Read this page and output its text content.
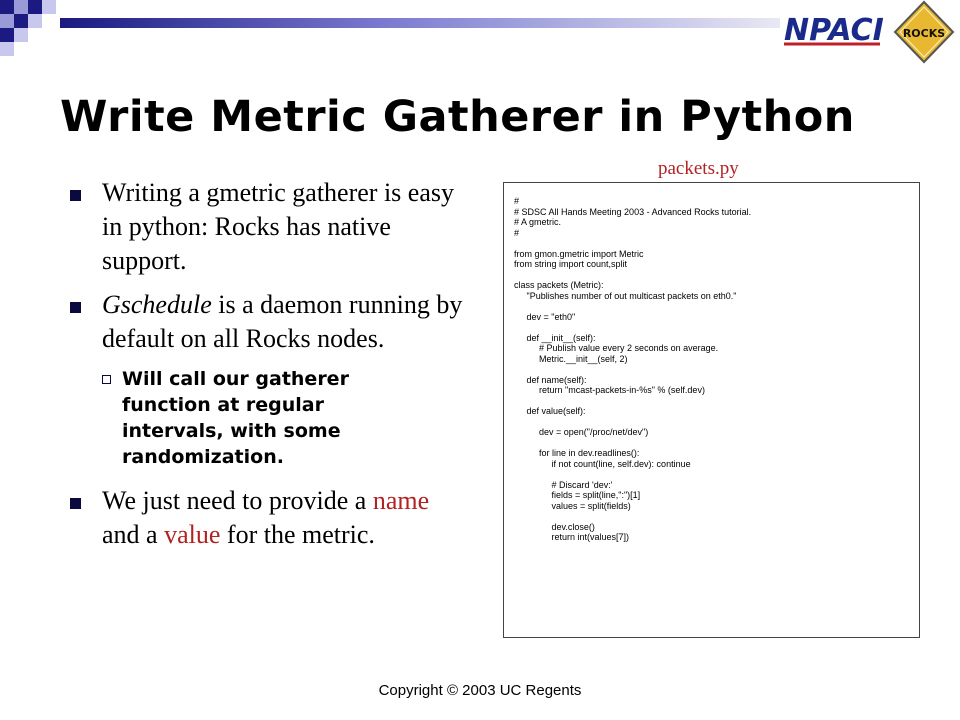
NPACI ROCKS
Write Metric Gatherer in Python
packets.py
Writing a gmetric gatherer is easy in python: Rocks has native support.
Gschedule is a daemon running by default on all Rocks nodes.
Will call our gatherer function at regular intervals, with some randomization.
We just need to provide a name and a value for the metric.
#
# SDSC All Hands Meeting 2003 - Advanced Rocks tutorial.
# A gmetric.
#

from gmon.gmetric import Metric
from string import count,split

class packets (Metric):
"Publishes number of out multicast packets on eth0."

dev = "eth0"

def __init__(self):
# Publish value every 2 seconds on average.
Metric.__init__(self, 2)

def name(self):
return "mcast-packets-in-%s" % (self.dev)

def value(self):

dev = open("/proc/net/dev")

for line in dev.readlines():
if not count(line, self.dev): continue

# Discard 'dev:'
fields = split(line,":")[1]
values = split(fields)

dev.close()
return int(values[7])
Copyright © 2003 UC Regents
